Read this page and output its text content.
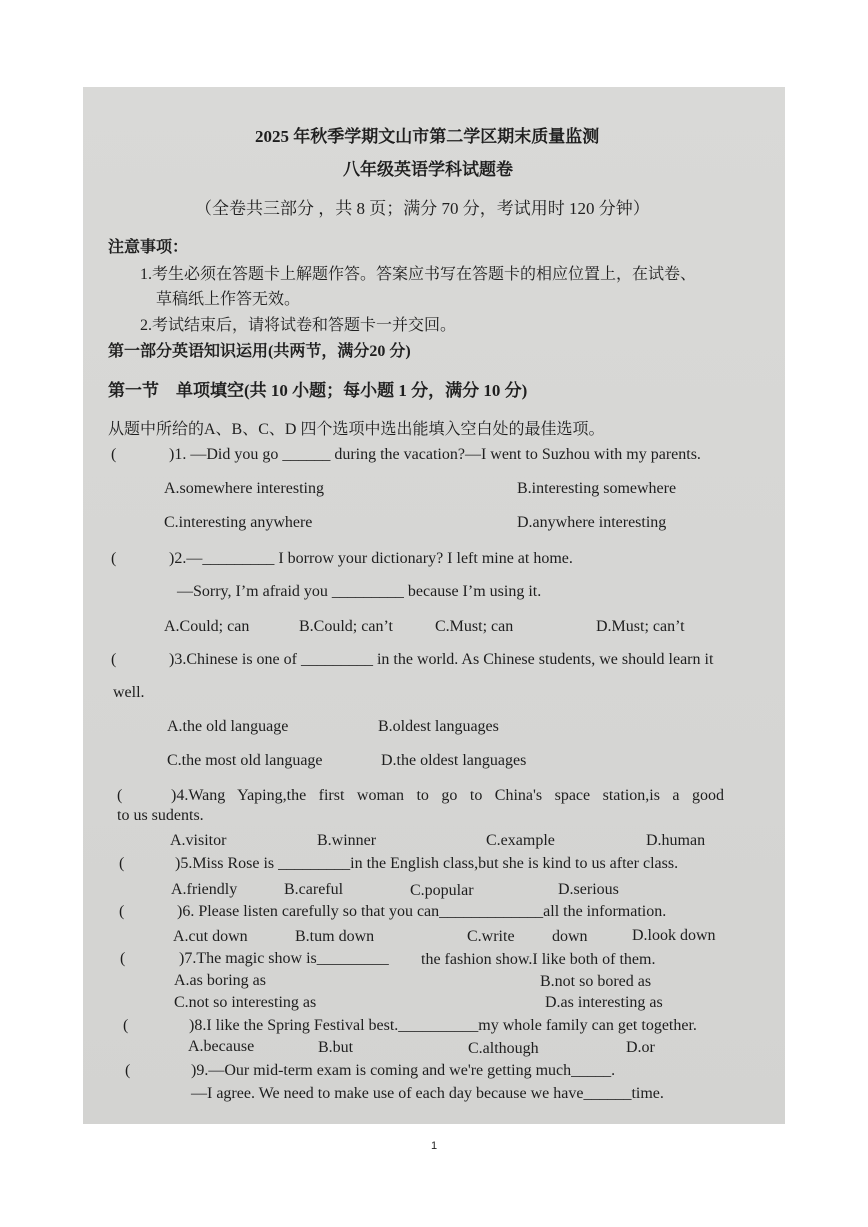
2025 年秋季学期文山市第二学区期末质量监测
八年级英语学科试题卷
（全卷共三部分 ，共 8 页；满分 70 分，考试用时 120 分钟）
注意事项：
1.考生必须在答题卡上解题作答。答案应书写在答题卡的相应位置上，在试卷、
草稿纸上作答无效。
2.考试结束后，请将试卷和答题卡一并交回。
第一部分英语知识运用(共两节，满分20 分)
第一节　单项填空(共 10 小题；每小题 1 分，满分 10 分)
从题中所给的A、B、C、D 四个选项中选出能填入空白处的最佳选项。
(	)1. —Did you go ______ during the vacation?—I went to Suzhou with my parents.
A.somewhere interesting	B.interesting somewhere
C.interesting anywhere	D.anywhere interesting
(	)2.—_________ I borrow your dictionary? I left mine at home.
—Sorry, I’m afraid you _________ because I’m using it.
A.Could; can	B.Could; can’t	C.Must; can	D.Must; can’t
(	)3.Chinese is one of _________ in the world. As Chinese students, we should learn it
well.
A.the old language	B.oldest languages
C.the most old language	D.the oldest languages
(	)4.Wang Yaping,the first woman to go to China's space station,is a good
to us sudents.
A.visitor	B.winner	C.example	D.human
(	)5.Miss Rose is _________in the English class,but she is kind to us after class.
A.friendly	B.careful	C.popular	D.serious
(	)6. Please listen carefully so that you can_____________all the information.
A.cut down	B.tum down	C.write down	D.look down
(	)7.The magic show is_________ the fashion show.I like both of them.
A.as boring as	B.not so bored as
C.not so interesting as	D.as interesting as
(	)8.I like the Spring Festival best.__________my whole family can get together.
A.because	B.but	C.although	D.or
(	)9.—Our mid-term exam is coming and we're getting much_____.
—I agree. We need to make use of each day because we have______time.
1
